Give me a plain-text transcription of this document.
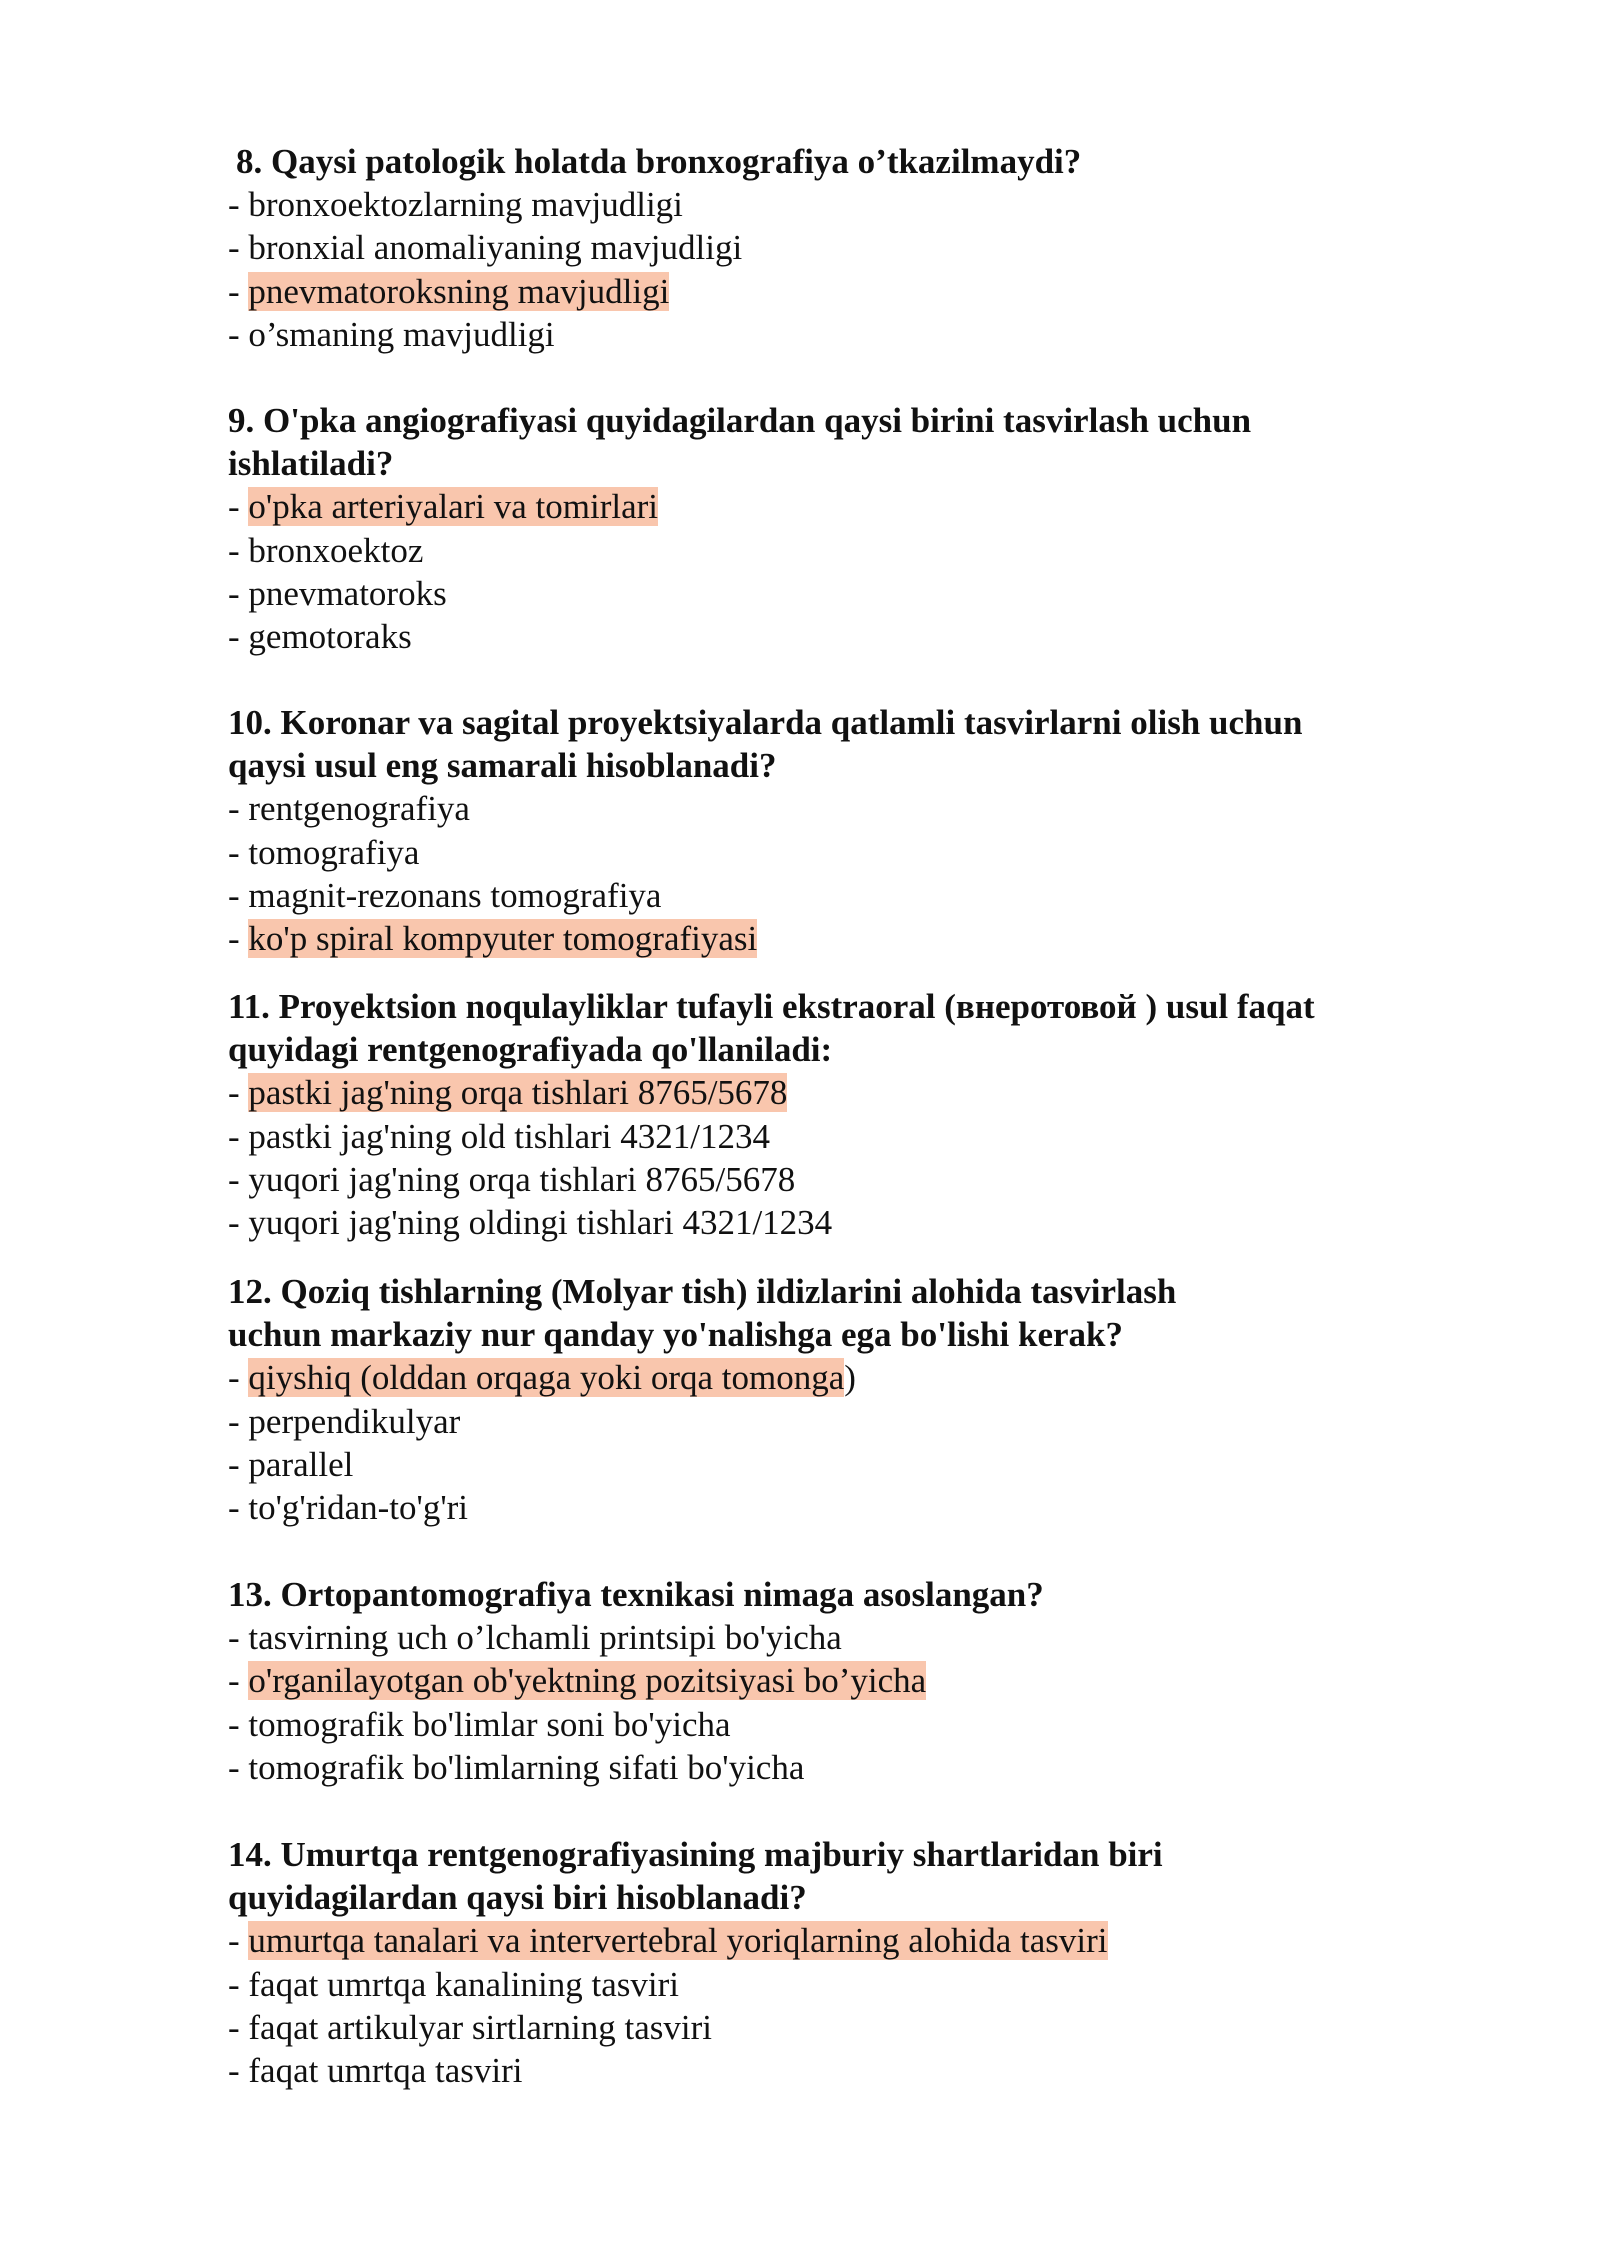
8. Qaysi patologik holatda bronxografiya o’tkazilmaydi?

- bronxoektozlarning mavjudligi

- bronxial anomaliyaning mavjudligi

- pnevmatoroksning mavjudligi

- o’smaning mavjudligi

9. O'pka angiografiyasi quyidagilardan qaysi birini tasvirlash uchun
ishlatiladi?

- o'pka arteriyalari va tomirlari

- bronxoektoz

- pnevmatoroks

- gemotoraks

10. Koronar va sagital proyektsiyalarda qatlamli tasvirlarni olish uchun
qaysi usul eng samarali hisoblanadi?

- rentgenografiya

- tomografiya

- magnit-rezonans tomografiya

- ko'p spiral kompyuter tomografiyasi

11. Proyektsion noqulayliklar tufayli ekstraoral (внеротовой ) usul faqat
quyidagi rentgenografiyada qo'llaniladi:

- pastki jag'ning orqa tishlari 8765/5678

- pastki jag'ning old tishlari 4321/1234

- yuqori jag'ning orqa tishlari 8765/5678

- yuqori jag'ning oldingi tishlari 4321/1234

12. Qoziq tishlarning (Molyar tish) ildizlarini alohida tasvirlash
uchun markaziy nur qanday yo'nalishga ega bo'lishi kerak?

- qiyshiq (olddan orqaga yoki orqa tomonga)

- perpendikulyar

- parallel

- to'g'ridan-to'g'ri

13. Ortopantomografiya texnikasi nimaga asoslangan?

- tasvirning uch o’lchamli printsipi bo'yicha

- o'rganilayotgan ob'yektning pozitsiyasi bo’yicha

- tomografik bo'limlar soni bo'yicha

- tomografik bo'limlarning sifati bo'yicha

14. Umurtqa rentgenografiyasining majburiy shartlaridan biri
quyidagilardan qaysi biri hisoblanadi?

- umurtqa tanalari va intervertebral yoriqlarning alohida tasviri

- faqat umrtqa kanalining tasviri

- faqat artikulyar sirtlarning tasviri

- faqat umrtqa tasviri
